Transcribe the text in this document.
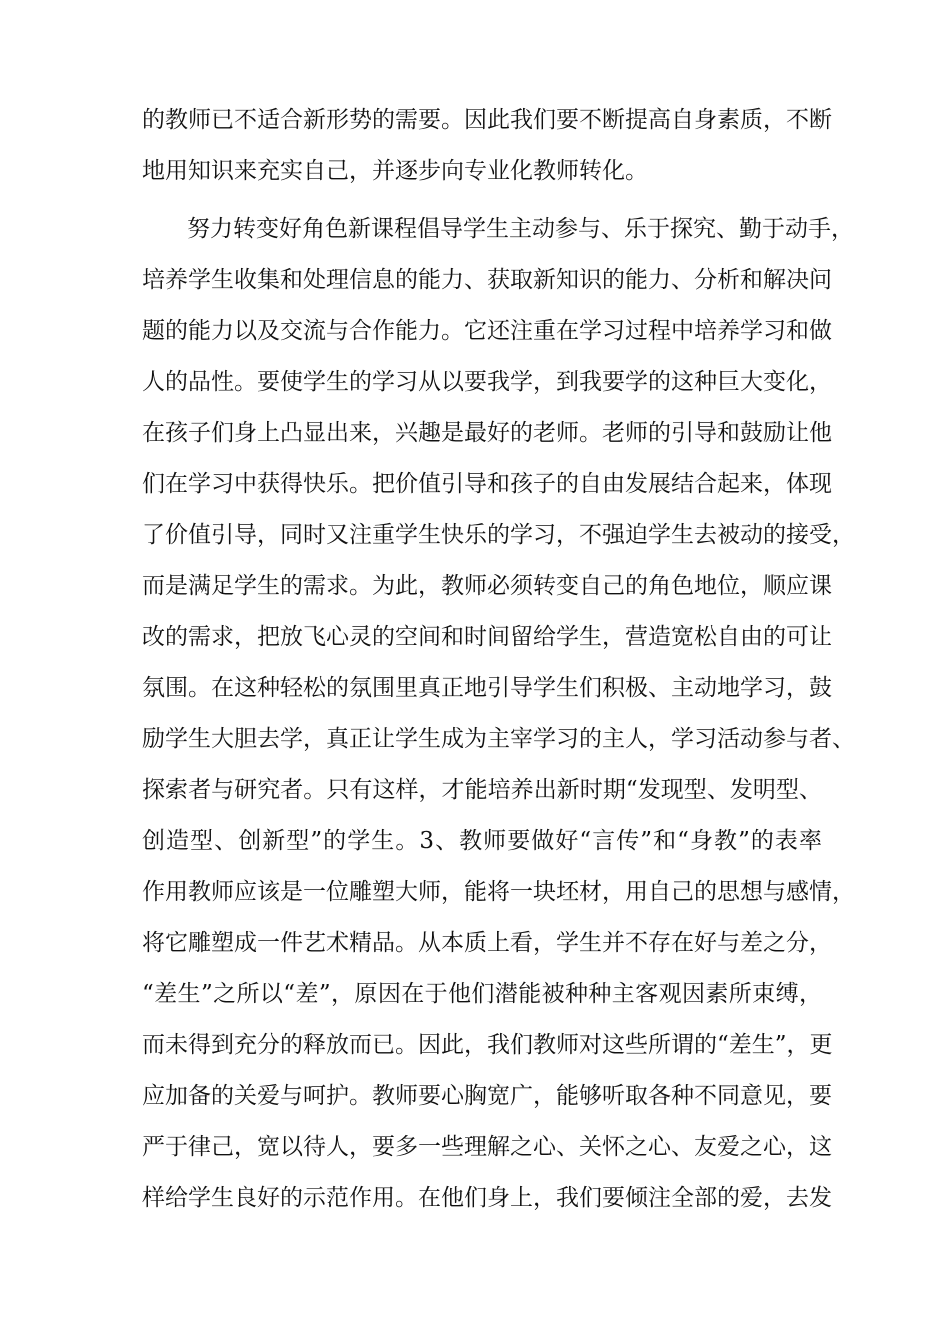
的教师已不适合新形势的需要。因此我们要不断提高自身素质，不断
地用知识来充实自己，并逐步向专业化教师转化。
努力转变好角色新课程倡导学生主动参与、乐于探究、勤于动手，
培养学生收集和处理信息的能力、获取新知识的能力、分析和解决问
题的能力以及交流与合作能力。它还注重在学习过程中培养学习和做
人的品性。要使学生的学习从以要我学，到我要学的这种巨大变化，
在孩子们身上凸显出来，兴趣是最好的老师。老师的引导和鼓励让他
们在学习中获得快乐。把价值引导和孩子的自由发展结合起来，体现
了价值引导，同时又注重学生快乐的学习，不强迫学生去被动的接受，
而是满足学生的需求。为此，教师必须转变自己的角色地位，顺应课
改的需求，把放飞心灵的空间和时间留给学生，营造宽松自由的可让
氛围。在这种轻松的氛围里真正地引导学生们积极、主动地学习，鼓
励学生大胆去学，真正让学生成为主宰学习的主人，学习活动参与者、
探索者与研究者。只有这样，才能培养出新时期“发现型、发明型、
创造型、创新型”的学生。3、教师要做好“言传”和“身教”的表率
作用教师应该是一位雕塑大师，能将一块坯材，用自己的思想与感情，
将它雕塑成一件艺术精品。从本质上看，学生并不存在好与差之分，
“差生”之所以“差”，原因在于他们潜能被种种主客观因素所束缚，
而未得到充分的释放而已。因此，我们教师对这些所谓的“差生”，更
应加备的关爱与呵护。教师要心胸宽广，能够听取各种不同意见，要
严于律己，宽以待人，要多一些理解之心、关怀之心、友爱之心，这
样给学生良好的示范作用。在他们身上，我们要倾注全部的爱，去发
